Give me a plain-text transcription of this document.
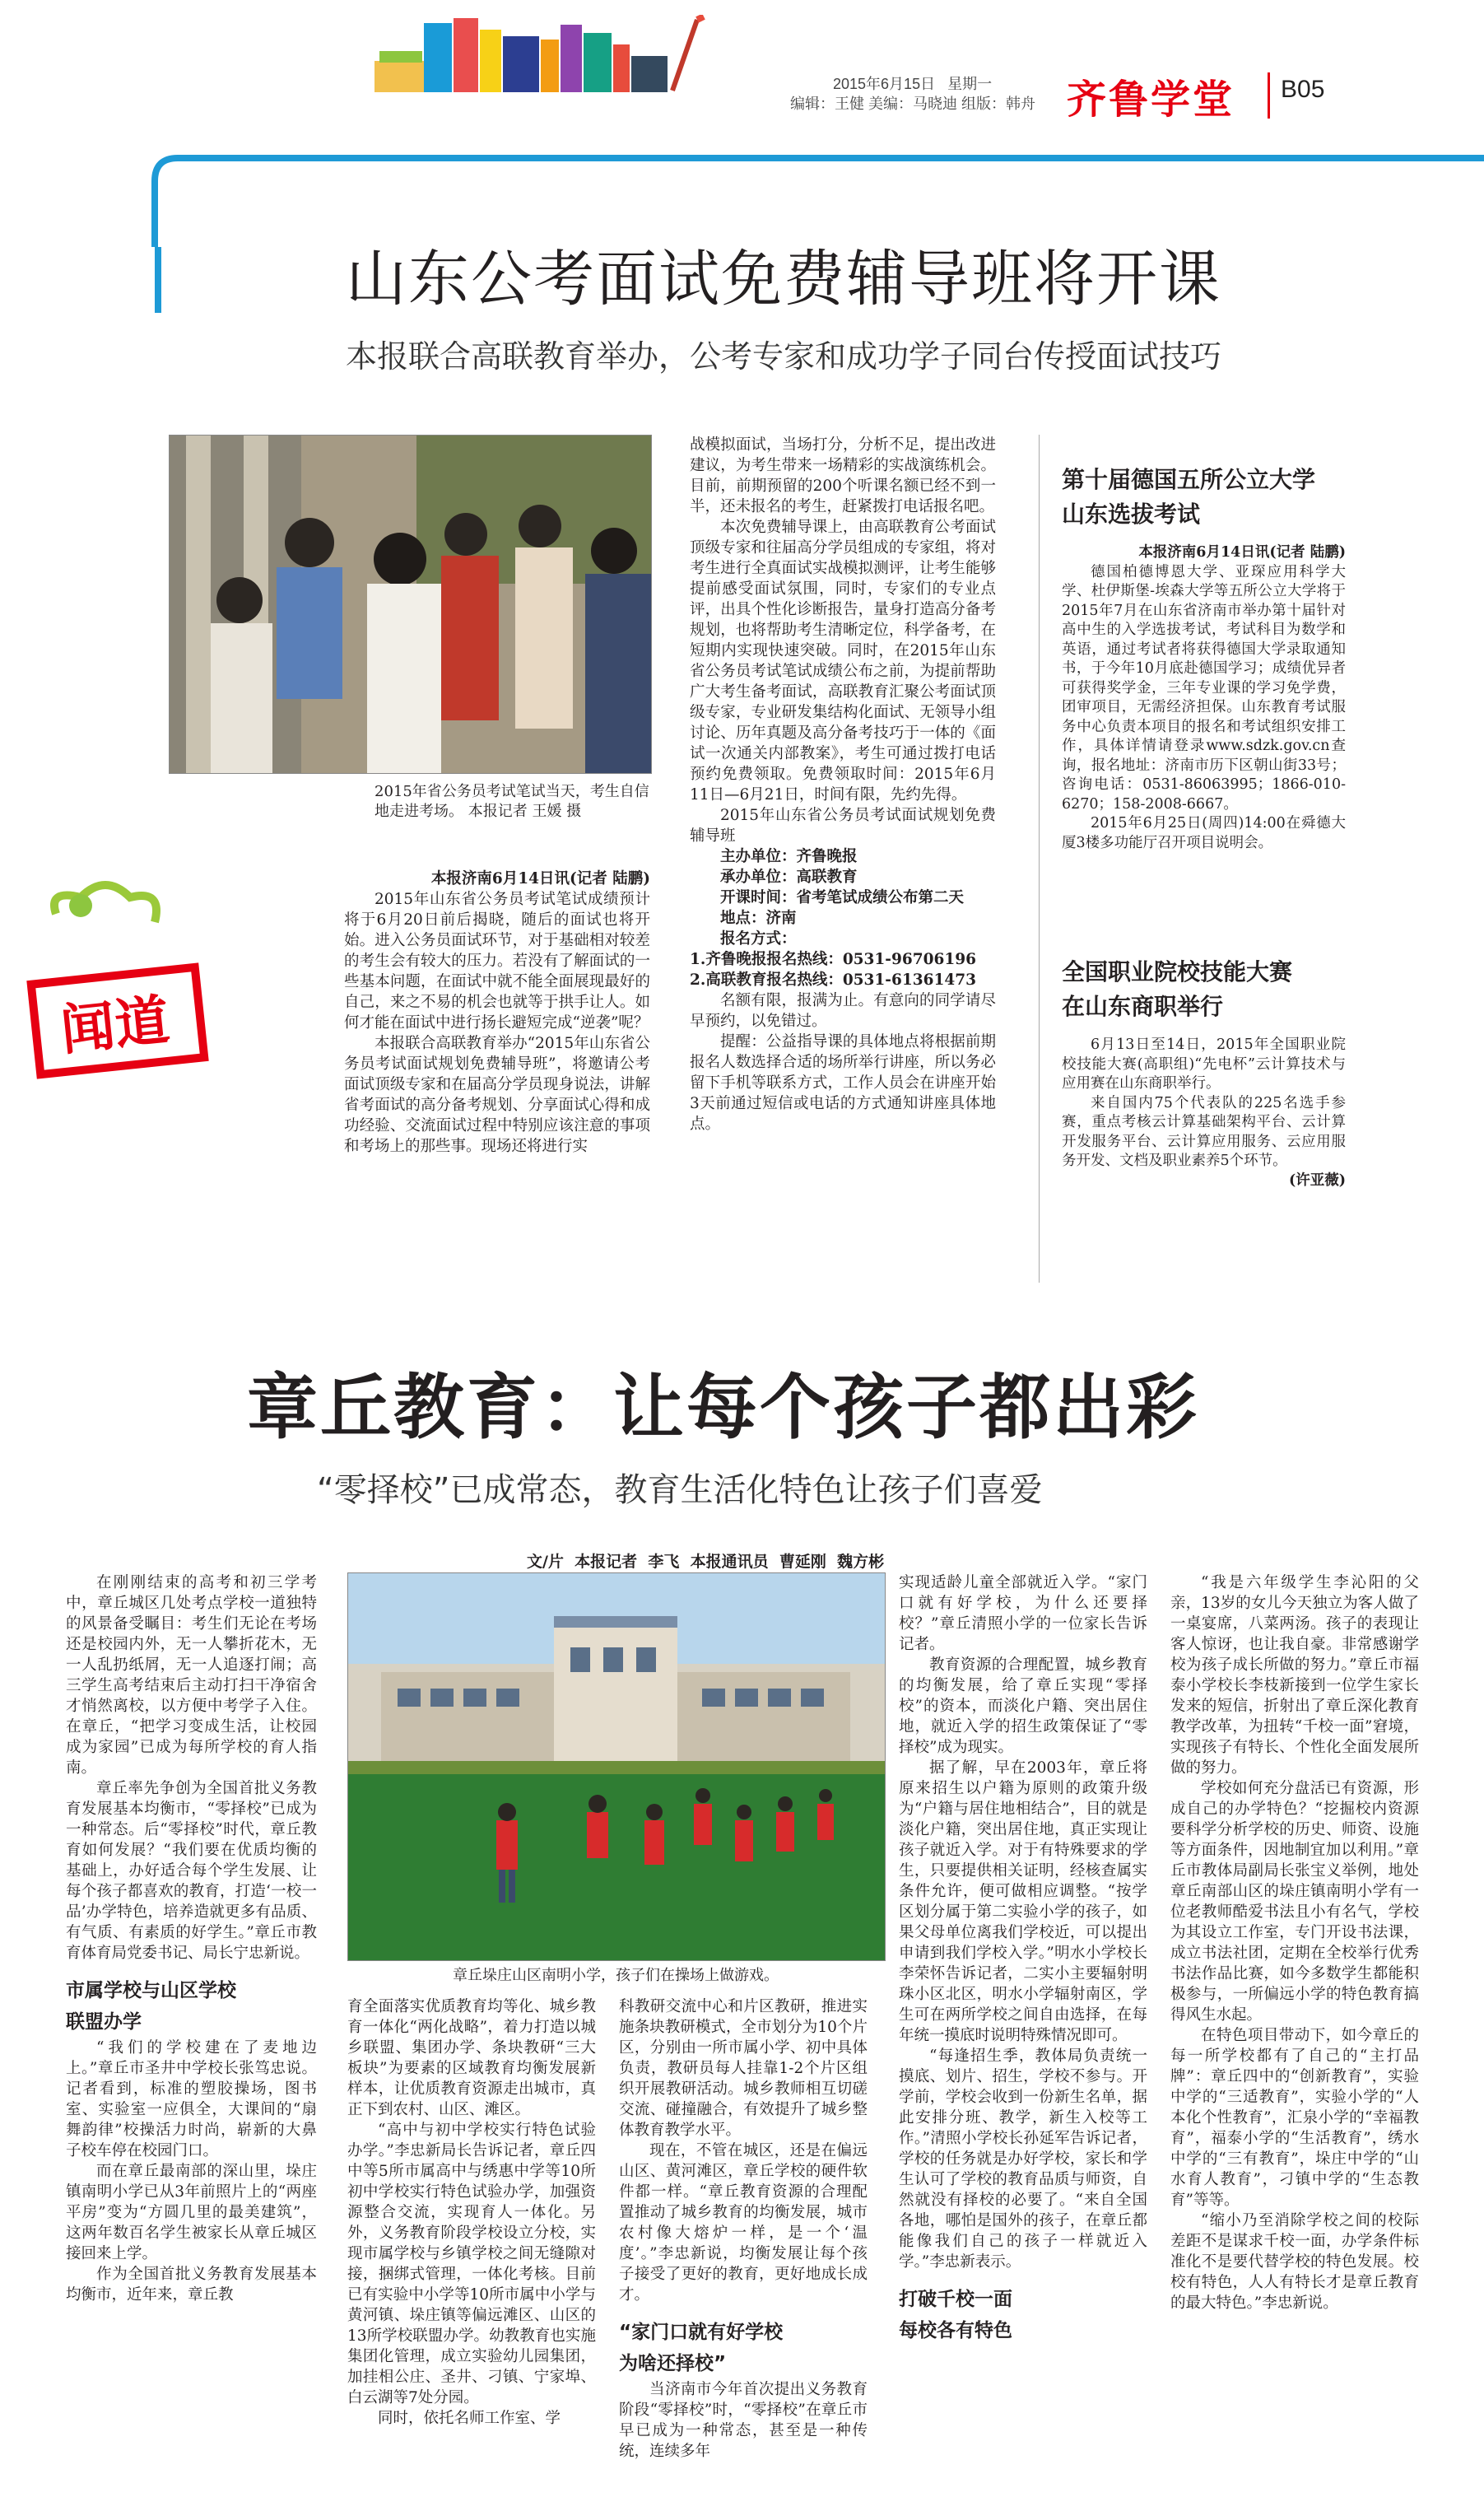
2015年6月15日 星期一
编辑：王健 美编：马晓迪 组版：韩舟 齐鲁学堂 B05
山东公考面试免费辅导班将开课
本报联合高联教育举办，公考专家和成功学子同台传授面试技巧
2015年省公务员考试笔试当天，考生自信地走进考场。 本报记者 王媛 摄
闻道

本报济南6月14日讯(记者 陆鹏)

2015年山东省公务员考试笔试成绩预计将于6月20日前后揭晓，随后的面试也将开始。进入公务员面试环节，对于基础相对较差的考生会有较大的压力。若没有了解面试的一些基本问题，在面试中就不能全面展现最好的自己，来之不易的机会也就等于拱手让人。如何才能在面试中进行扬长避短完成“逆袭”呢？

本报联合高联教育举办“2015年山东省公务员考试面试规划免费辅导班”，将邀请公考面试顶级专家和在届高分学员现身说法，讲解省考面试的高分备考规划、分享面试心得和成功经验、交流面试过程中特别应该注意的事项和考场上的那些事。现场还将进行实

战模拟面试，当场打分，分析不足，提出改进建议，为考生带来一场精彩的实战演练机会。目前，前期预留的200个听课名额已经不到一半，还未报名的考生，赶紧拨打电话报名吧。

本次免费辅导课上，由高联教育公考面试顶级专家和往届高分学员组成的专家组，将对考生进行全真面试实战模拟测评，让考生能够提前感受面试氛围，同时，专家们的专业点评，出具个性化诊断报告，量身打造高分备考规划，也将帮助考生清晰定位，科学备考，在短期内实现快速突破。同时，在2015年山东省公务员考试笔试成绩公布之前，为提前帮助广大考生备考面试，高联教育汇聚公考面试顶级专家，专业研发集结构化面试、无领导小组讨论、历年真题及高分备考技巧于一体的《面试一次通关内部教案》，考生可通过拨打电话预约免费领取。免费领取时间：2015年6月11日—6月21日，时间有限，先约先得。

2015年山东省公务员考试面试规划免费辅导班

主办单位：齐鲁晚报

承办单位：高联教育

开课时间：省考笔试成绩公布第二天

地点：济南

报名方式：

1.齐鲁晚报报名热线：0531-96706196

2.高联教育报名热线：0531-61361473

名额有限，报满为止。有意向的同学请尽早预约，以免错过。

提醒：公益指导课的具体地点将根据前期报名人数选择合适的场所举行讲座，所以务必留下手机等联系方式，工作人员会在讲座开始3天前通过短信或电话的方式通知讲座具体地点。

第十届德国五所公立大学
山东选拔考试

本报济南6月14日讯(记者 陆鹏)

德国柏德博恩大学、亚琛应用科学大学、杜伊斯堡-埃森大学等五所公立大学将于2015年7月在山东省济南市举办第十届针对高中生的入学选拔考试，考试科目为数学和英语，通过考试者将获得德国大学录取通知书，于今年10月底赴德国学习；成绩优异者可获得奖学金，三年专业课的学习免学费，团审项目，无需经济担保。山东教育考试服务中心负责本项目的报名和考试组织安排工作，具体详情请登录www.sdzk.gov.cn查询，报名地址：济南市历下区朝山街33号；咨询电话：0531-86063995；1866-010-6270；158-2008-6667。

2015年6月25日(周四)14:00在舜德大厦3楼多功能厅召开项目说明会。

全国职业院校技能大赛
在山东商职举行

6月13日至14日，2015年全国职业院校技能大赛(高职组)“先电杯”云计算技术与应用赛在山东商职举行。

来自国内75个代表队的225名选手参赛，重点考核云计算基础架构平台、云计算开发服务平台、云计算应用服务、云应用服务开发、文档及职业素养5个环节。

(许亚薇)

章丘教育：让每个孩子都出彩
“零择校”已成常态，教育生活化特色让孩子们喜爱
文/片  本报记者  李飞  本报通讯员  曹延刚  魏方彬

在刚刚结束的高考和初三学考中，章丘城区几处考点学校一道独特的风景备受瞩目：考生们无论在考场还是校园内外，无一人攀折花木，无一人乱扔纸屑，无一人追逐打闹；高三学生高考结束后主动打扫干净宿舍才悄然离校，以方便中考学子入住。在章丘，“把学习变成生活，让校园成为家园”已成为每所学校的育人指南。

章丘率先争创为全国首批义务教育发展基本均衡市，“零择校”已成为一种常态。后“零择校”时代，章丘教育如何发展？“我们要在优质均衡的基础上，办好适合每个学生发展、让每个孩子都喜欢的教育，打造‘一校一品’办学特色，培养造就更多有品质、有气质、有素质的好学生。”章丘市教育体育局党委书记、局长宁忠新说。

市属学校与山区学校
联盟办学

“我们的学校建在了麦地边上。”章丘市圣井中学校长张笃忠说。记者看到，标准的塑胶操场，图书室、实验室一应俱全，大课间的“扇舞韵律”校操活力时尚，崭新的大鼻子校车停在校园门口。

而在章丘最南部的深山里，垛庄镇南明小学已从3年前照片上的“两座平房”变为“方圆几里的最美建筑”，这两年数百名学生被家长从章丘城区接回来上学。

作为全国首批义务教育发展基本均衡市，近年来，章丘教

章丘垛庄山区南明小学，孩子们在操场上做游戏。

育全面落实优质教育均等化、城乡教育一体化“两化战略”，着力打造以城乡联盟、集团办学、条块教研“三大板块”为要素的区域教育均衡发展新样本，让优质教育资源走出城市，真正下到农村、山区、滩区。

“高中与初中学校实行特色试验办学。”李忠新局长告诉记者，章丘四中等5所市属高中与绣惠中学等10所初中学校实行特色试验办学，加强资源整合交流，实现育人一体化。另外，义务教育阶段学校设立分校，实现市属学校与乡镇学校之间无缝隙对接，捆绑式管理，一体化考核。目前已有实验中小学等10所市属中小学与黄河镇、垛庄镇等偏远滩区、山区的13所学校联盟办学。幼教教育也实施集团化管理，成立实验幼儿园集团，加挂相公庄、圣井、刁镇、宁家埠、白云湖等7处分园。

同时，依托名师工作室、学

科教研交流中心和片区教研，推进实施条块教研模式，全市划分为10个片区，分别由一所市属小学、初中具体负责，教研员每人挂靠1-2个片区组织开展教研活动。城乡教师相互切磋交流、碰撞融合，有效提升了城乡整体教育教学水平。

现在，不管在城区，还是在偏远山区、黄河滩区，章丘学校的硬件软件都一样。“章丘教育资源的合理配置推动了城乡教育的均衡发展，城市农村像大熔炉一样，是一个‘温度’。”李忠新说，均衡发展让每个孩子接受了更好的教育，更好地成长成才。

“家门口就有好学校
为啥还择校”

当济南市今年首次提出义务教育阶段“零择校”时，“零择校”在章丘市早已成为一种常态，甚至是一种传统，连续多年

实现适龄儿童全部就近入学。“家门口就有好学校，为什么还要择校？”章丘清照小学的一位家长告诉记者。

教育资源的合理配置，城乡教育的均衡发展，给了章丘实现“零择校”的资本，而淡化户籍、突出居住地，就近入学的招生政策保证了“零择校”成为现实。

据了解，早在2003年，章丘将原来招生以户籍为原则的政策升级为“户籍与居住地相结合”，目的就是淡化户籍，突出居住地，真正实现让孩子就近入学。对于有特殊要求的学生，只要提供相关证明，经核查属实条件允许，便可做相应调整。“按学区划分属于第二实验小学的孩子，如果父母单位离我们学校近，可以提出申请到我们学校入学。”明水小学校长李荣怀告诉记者，二实小主要辐射明珠小区北区，明水小学辐射南区，学生可在两所学校之间自由选择，在每年统一摸底时说明特殊情况即可。

“每逢招生季，教体局负责统一摸底、划片、招生，学校不参与。开学前，学校会收到一份新生名单，据此安排分班、教学，新生入校等工作。”清照小学校长孙延军告诉记者，学校的任务就是办好学校，家长和学生认可了学校的教育品质与师资，自然就没有择校的必要了。“来自全国各地，哪怕是国外的孩子，在章丘都能像我们自己的孩子一样就近入学。”李忠新表示。

打破千校一面
每校各有特色

“我是六年级学生李沁阳的父亲，13岁的女儿今天独立为客人做了一桌宴席，八菜两汤。孩子的表现让客人惊讶，也让我自豪。非常感谢学校为孩子成长所做的努力。”章丘市福泰小学校长李枝新接到一位学生家长发来的短信，折射出了章丘深化教育教学改革，为扭转“千校一面”窘境，实现孩子有特长、个性化全面发展所做的努力。

学校如何充分盘活已有资源，形成自己的办学特色？“挖掘校内资源要科学分析学校的历史、师资、设施等方面条件，因地制宜加以利用。”章丘市教体局副局长张宝义举例，地处章丘南部山区的垛庄镇南明小学有一位老教师酷爱书法且小有名气，学校为其设立工作室，专门开设书法课，成立书法社团，定期在全校举行优秀书法作品比赛，如今多数学生都能积极参与，一所偏远小学的特色教育搞得风生水起。

在特色项目带动下，如今章丘的每一所学校都有了自己的“主打品牌”：章丘四中的“创新教育”，实验中学的“三适教育”，实验小学的“人本化个性教育”，汇泉小学的“幸福教育”，福泰小学的“生活教育”，绣水中学的“三有教育”，垛庄中学的“山水育人教育”，刁镇中学的“生态教育”等等。

“缩小乃至消除学校之间的校际差距不是谋求千校一面，办学条件标准化不是要代替学校的特色发展。校校有特色，人人有特长才是章丘教育的最大特色。”李忠新说。
